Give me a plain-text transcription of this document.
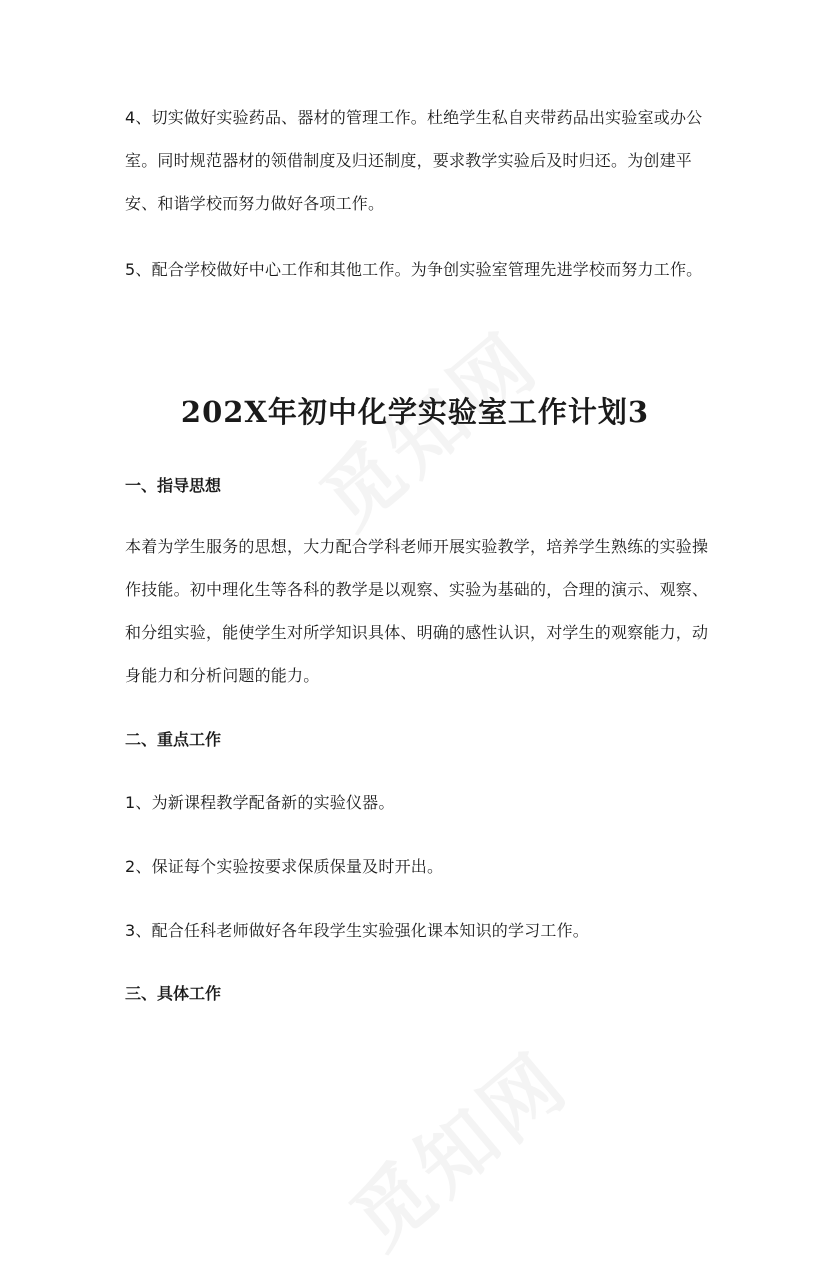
4、切实做好实验药品、器材的管理工作。杜绝学生私自夹带药品出实验室或办公室。同时规范器材的领借制度及归还制度，要求教学实验后及时归还。为创建平安、和谐学校而努力做好各项工作。

5、配合学校做好中心工作和其他工作。为争创实验室管理先进学校而努力工作。

202X年初中化学实验室工作计划3
一、指导思想

本着为学生服务的思想，大力配合学科老师开展实验教学，培养学生熟练的实验操作技能。初中理化生等各科的教学是以观察、实验为基础的，合理的演示、观察、和分组实验，能使学生对所学知识具体、明确的感性认识，对学生的观察能力，动身能力和分析问题的能力。

二、重点工作

1、为新课程教学配备新的实验仪器。

2、保证每个实验按要求保质保量及时开出。

3、配合任科老师做好各年段学生实验强化课本知识的学习工作。

三、具体工作
